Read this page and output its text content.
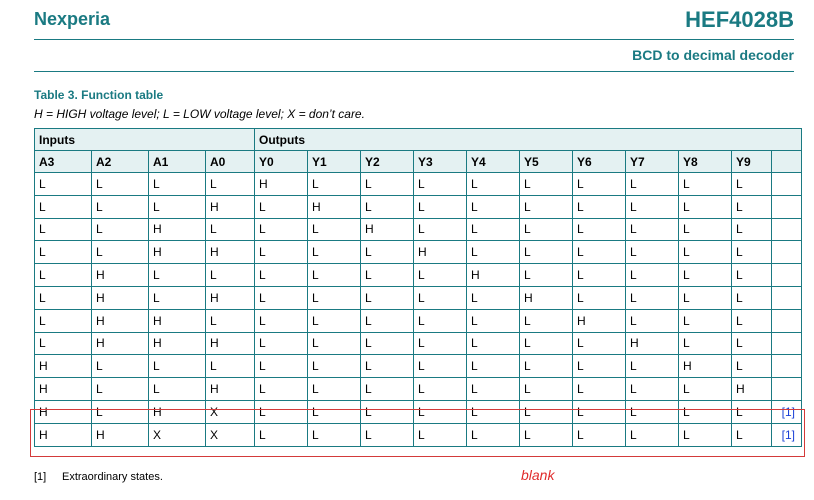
Nexperia	HEF4028B
BCD to decimal decoder
Table 3. Function table
H = HIGH voltage level; L = LOW voltage level; X = don’t care.
Inputs				Outputs										
A3	A2	A1	A0	Y0	Y1	Y2	Y3	Y4	Y5	Y6	Y7	Y8	Y9	
L	L	L	L	H	L	L	L	L	L	L	L	L	L	
L	L	L	H	L	H	L	L	L	L	L	L	L	L	
L	L	H	L	L	L	H	L	L	L	L	L	L	L	
L	L	H	H	L	L	L	H	L	L	L	L	L	L	
L	H	L	L	L	L	L	L	H	L	L	L	L	L	
L	H	L	H	L	L	L	L	L	H	L	L	L	L	
L	H	H	L	L	L	L	L	L	L	H	L	L	L	
L	H	H	H	L	L	L	L	L	L	L	H	L	L	
H	L	L	L	L	L	L	L	L	L	L	L	H	L	
H	L	L	H	L	L	L	L	L	L	L	L	L	H	
H	L	H	X	L	L	L	L	L	L	L	L	L	L	[1]
H	H	X	X	L	L	L	L	L	L	L	L	L	L	[1]
[1] Extraordinary states.	blank
